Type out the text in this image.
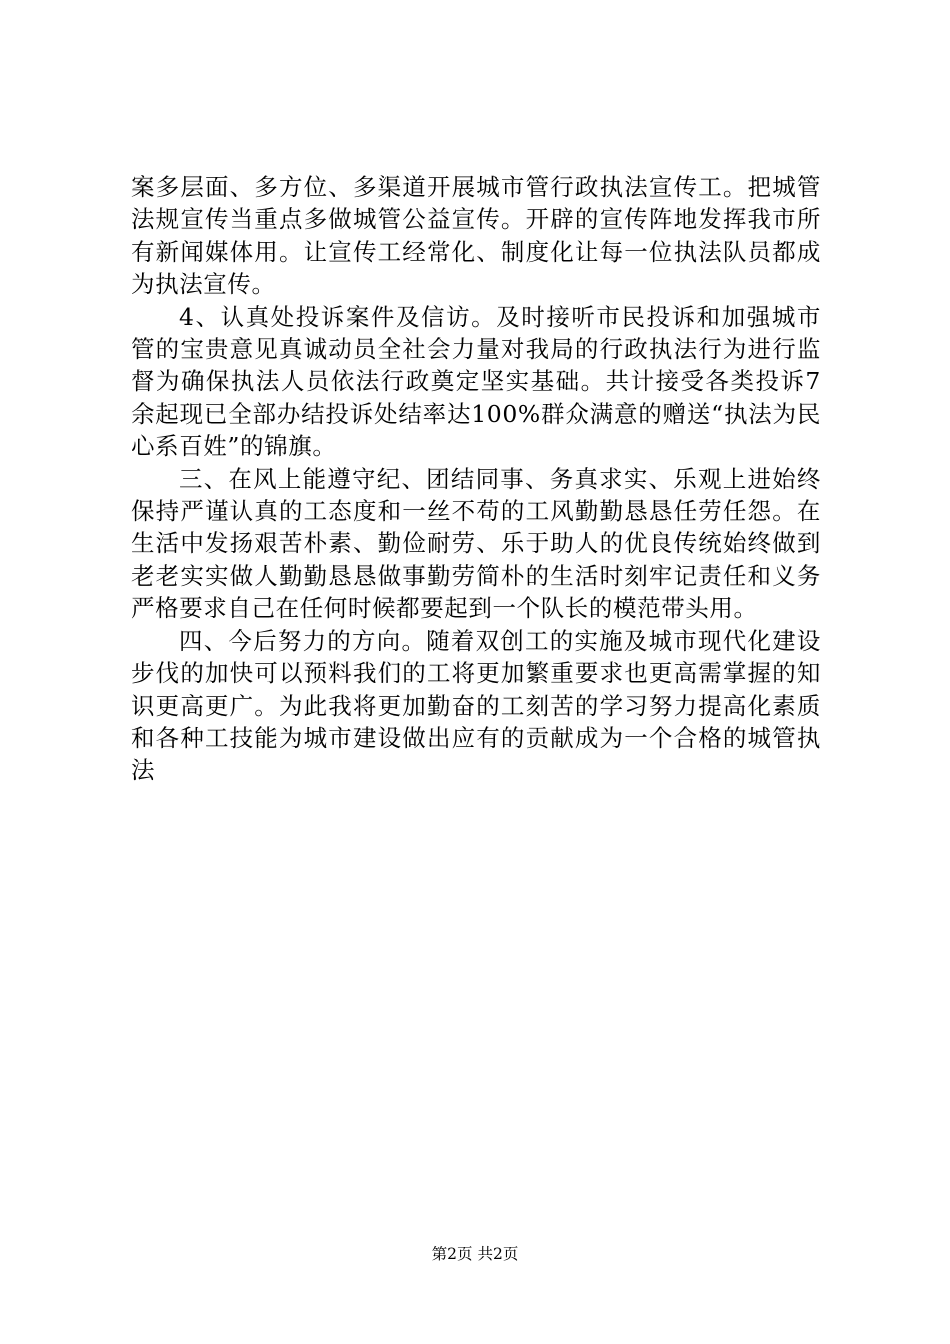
案多层面、多方位、多渠道开展城市管行政执法宣传工。把城管法规宣传当重点多做城管公益宣传。开辟的宣传阵地发挥我市所有新闻媒体用。让宣传工经常化、制度化让每一位执法队员都成为执法宣传。

4、认真处投诉案件及信访。及时接听市民投诉和加强城市管的宝贵意见真诚动员全社会力量对我局的行政执法行为进行监督为确保执法人员依法行政奠定坚实基础。共计接受各类投诉7余起现已全部办结投诉处结率达100%群众满意的赠送“执法为民心系百姓”的锦旗。

三、在风上能遵守纪、团结同事、务真求实、乐观上进始终保持严谨认真的工态度和一丝不苟的工风勤勤恳恳任劳任怨。在生活中发扬艰苦朴素、勤俭耐劳、乐于助人的优良传统始终做到老老实实做人勤勤恳恳做事勤劳简朴的生活时刻牢记责任和义务严格要求自己在任何时候都要起到一个队长的模范带头用。

四、今后努力的方向。随着双创工的实施及城市现代化建设步伐的加快可以预料我们的工将更加繁重要求也更高需掌握的知识更高更广。为此我将更加勤奋的工刻苦的学习努力提高化素质和各种工技能为城市建设做出应有的贡献成为一个合格的城管执法

第2页 共2页
